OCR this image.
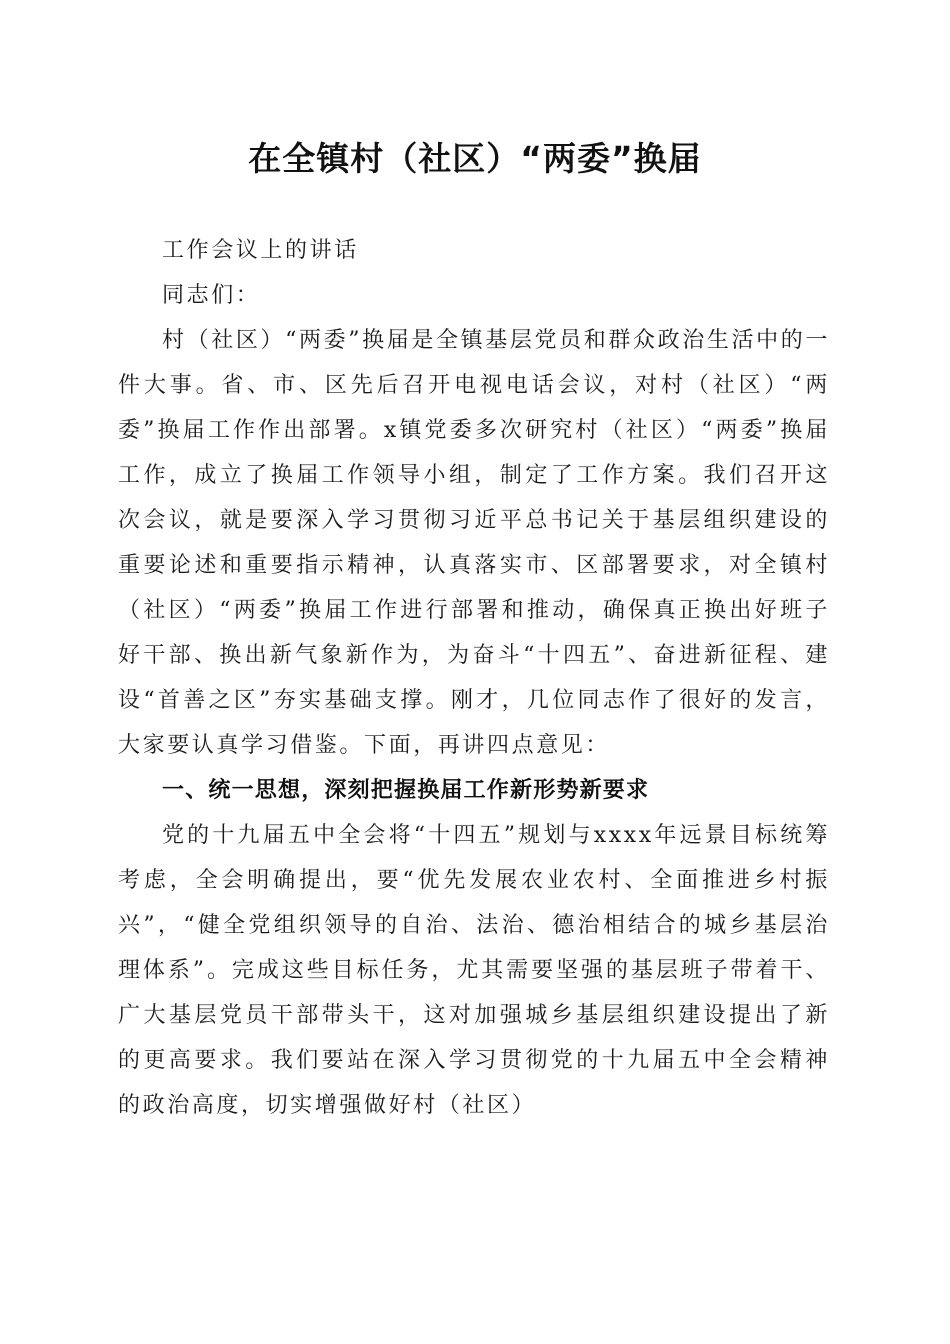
在全镇村（社区）“两委”换届

工作会议上的讲话

同志们：

村（社区）“两委”换届是全镇基层党员和群众政治生活中的一件大事。省、市、区先后召开电视电话会议，对村（社区）“两委”换届工作作出部署。x镇党委多次研究村（社区）“两委”换届工作，成立了换届工作领导小组，制定了工作方案。我们召开这次会议，就是要深入学习贯彻习近平总书记关于基层组织建设的重要论述和重要指示精神，认真落实市、区部署要求，对全镇村（社区）“两委”换届工作进行部署和推动，确保真正换出好班子好干部、换出新气象新作为，为奋斗“十四五”、奋进新征程、建设“首善之区”夯实基础支撑。刚才，几位同志作了很好的发言，大家要认真学习借鉴。下面，再讲四点意见：

一、统一思想，深刻把握换届工作新形势新要求

党的十九届五中全会将“十四五”规划与xxxx年远景目标统筹考虑，全会明确提出，要“优先发展农业农村、全面推进乡村振兴”，“健全党组织领导的自治、法治、德治相结合的城乡基层治理体系”。完成这些目标任务，尤其需要坚强的基层班子带着干、广大基层党员干部带头干，这对加强城乡基层组织建设提出了新的更高要求。我们要站在深入学习贯彻党的十九届五中全会精神的政治高度，切实增强做好村（社区）
